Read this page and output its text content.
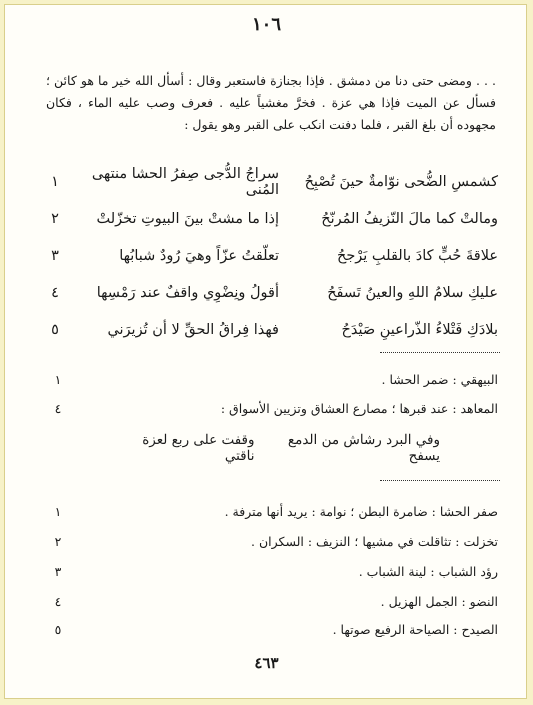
١٠٦
. . . ومضى حتى دنا من دمشق . فإذا بجنازة فاستعبر وقال : أسأل الله خير ما هو كائن ؛ فسأل عن الميت فإذا هي عزة . فخرَّ مغشياً عليه . فعرف وصب عليه الماء ، فكان مجهوده أن بلغ القبر ، فلما دفنت انكب على القبر وهو يقول :
١	سراجُ الدُّجى صِفرُ الحشا منتهى المُنى	كشمسِ الضُّحى نوّامةٌ حينَ تُصْبِحُ
٢	إذا ما مشتْ بينَ البيوتِ تخزّلتْ	ومالتْ كما مالَ النّزيفُ المُرنّحُ
٣	تعلّقتُ عزّاً وهيَ رُودٌ شبابُها	علاقةَ حُبٍّ كادَ بالقلبِ يَرْجحُ
٤	أقولُ ونِضْوِي واقفٌ عند رَمْسِها	عليكِ سلامُ اللهِ والعينُ تَسفَحُ
٥	فهذا فِراقُ الحقِّ لا أن تُزيرَني	بلادَكِ فَتْلاءُ الذّراعينِ صَيْدَحُ
١	البيهقي : ضمر الحشا .
٤	المعاهد : عند قبرها ؛ مصارع العشاق وتزيين الأسواق :
وقفت على ربع لعزة ناقتي
وفي البرد رشاش من الدمع يسفح
١	صفر الحشا : ضامرة البطن ؛ نوامة : يريد أنها مترفة .
٢	تخزلت : تثاقلت في مشيها ؛ النزيف : السكران .
٣	رؤد الشباب : لينة الشباب .
٤	النضو : الجمل الهزيل .
٥	الصيدح : الصياحة الرفيع صوتها .
٤٦٣
